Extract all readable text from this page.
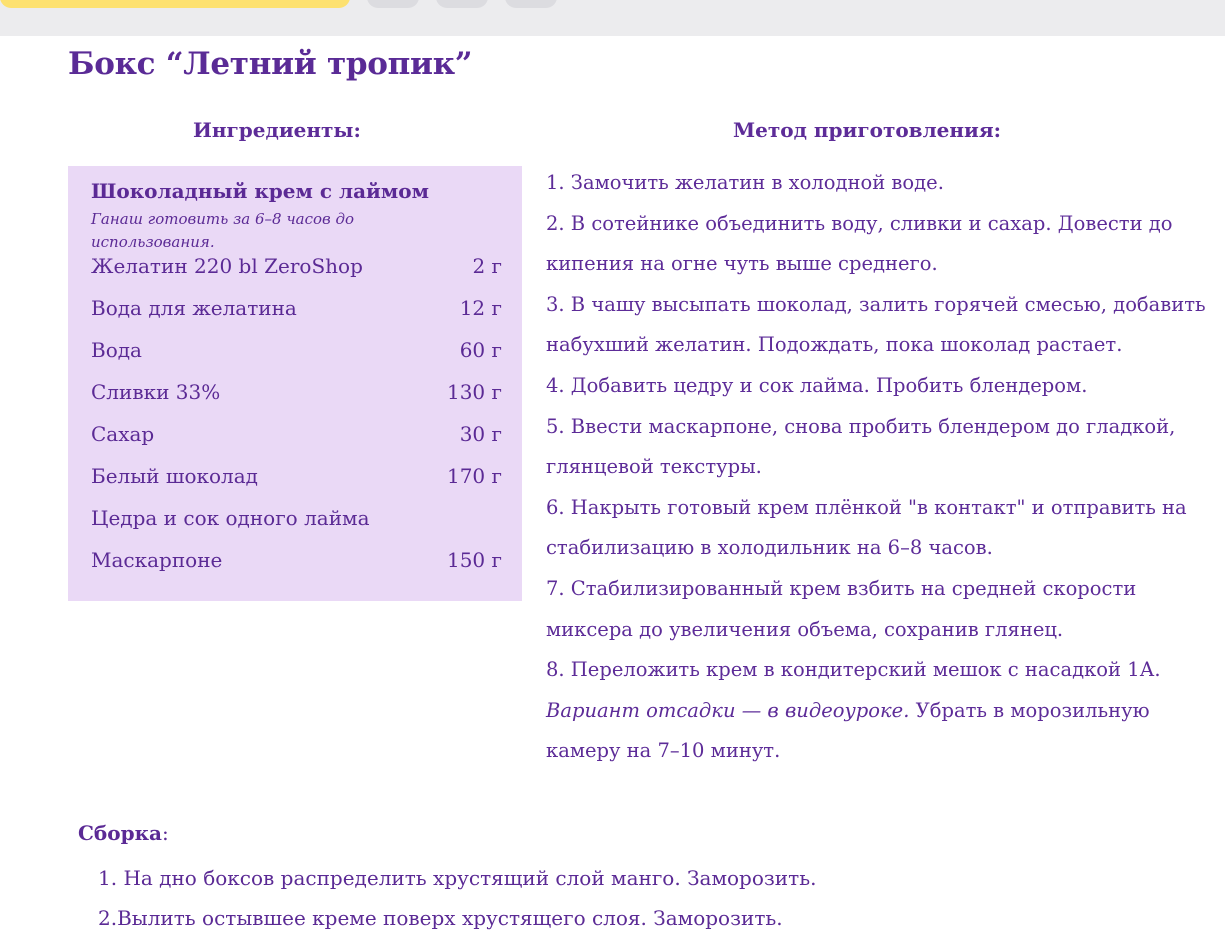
Бокс “Летний тропик”
Ингредиенты:	Метод приготовления:
Шоколадный крем с лаймом
Ганаш готовить за 6–8 часов до использования.
Желатин 220 bl ZeroShop	2 г
Вода для желатина	12 г
Вода	60 г
Сливки 33%	130 г
Сахар	30 г
Белый шоколад	170 г
Цедра и сок одного лайма
Маскарпоне	150 г

1. Замочить желатин в холодной воде.

2. В сотейнике объединить воду, сливки и сахар. Довести до кипения на огне чуть выше среднего.

3. В чашу высыпать шоколад, залить горячей смесью, добавить набухший желатин. Подождать, пока шоколад растает.

4. Добавить цедру и сок лайма. Пробить блендером.

5. Ввести маскарпоне, снова пробить блендером до гладкой, глянцевой текстуры.

6. Накрыть готовый крем плёнкой "в контакт" и отправить на стабилизацию в холодильник на 6–8 часов.

7. Стабилизированный крем взбить на средней скорости миксера до увеличения объема, сохранив глянец.

8. Переложить крем в кондитерский мешок с насадкой 1А.
Вариант отсадки — в видеоуроке. Убрать в морозильную камеру на 7–10 минут.

Сборка:
1. На дно боксов распределить хрустящий слой манго. Заморозить.
2.Вылить остывшее креме поверх хрустящего слоя. Заморозить.
